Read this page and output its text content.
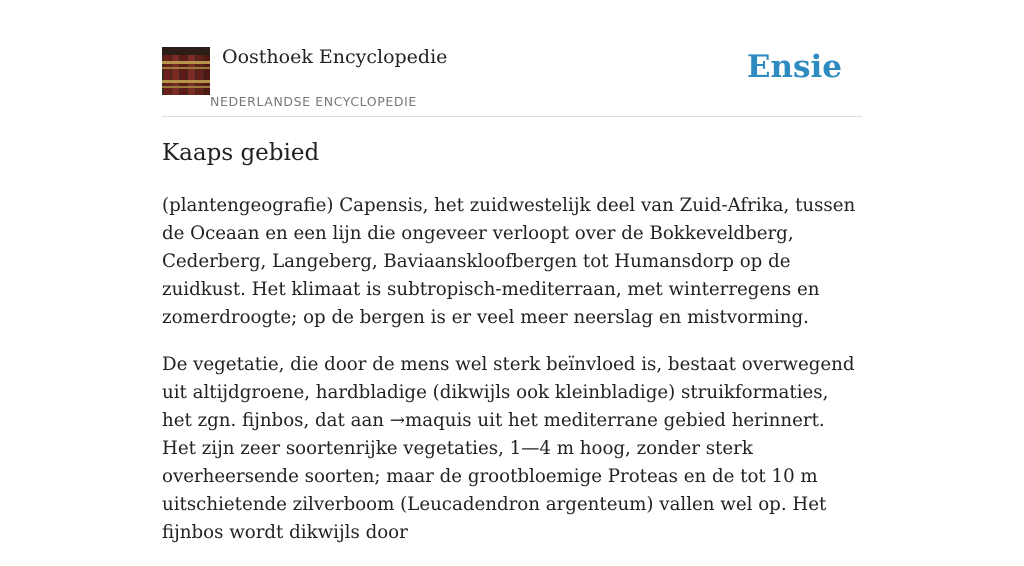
Oosthoek Encyclopedie
NEDERLANDSE ENCYCLOPEDIE
Ensie
Kaaps gebied

(plantengeografie) Capensis, het zuidwestelijk deel van Zuid-Afrika, tussen de Oceaan en een lijn die ongeveer verloopt over de Bokkeveldberg, Cederberg, Langeberg, Baviaanskloofbergen tot Humansdorp op de zuidkust. Het klimaat is subtropisch-mediterraan, met winterregens en zomerdroogte; op de bergen is er veel meer neerslag en mistvorming.

De vegetatie, die door de mens wel sterk beïnvloed is, bestaat overwegend uit altijdgroene, hardbladige (dikwijls ook kleinbladige) struikformaties, het zgn. fijnbos, dat aan →maquis uit het mediterrane gebied herinnert. Het zijn zeer soortenrijke vegetaties, 1—4 m hoog, zonder sterk overheersende soorten; maar de grootbloemige Proteas en de tot 10 m uitschietende zilverboom (Leucadendron argenteum) vallen wel op. Het fijnbos wordt dikwijls door
